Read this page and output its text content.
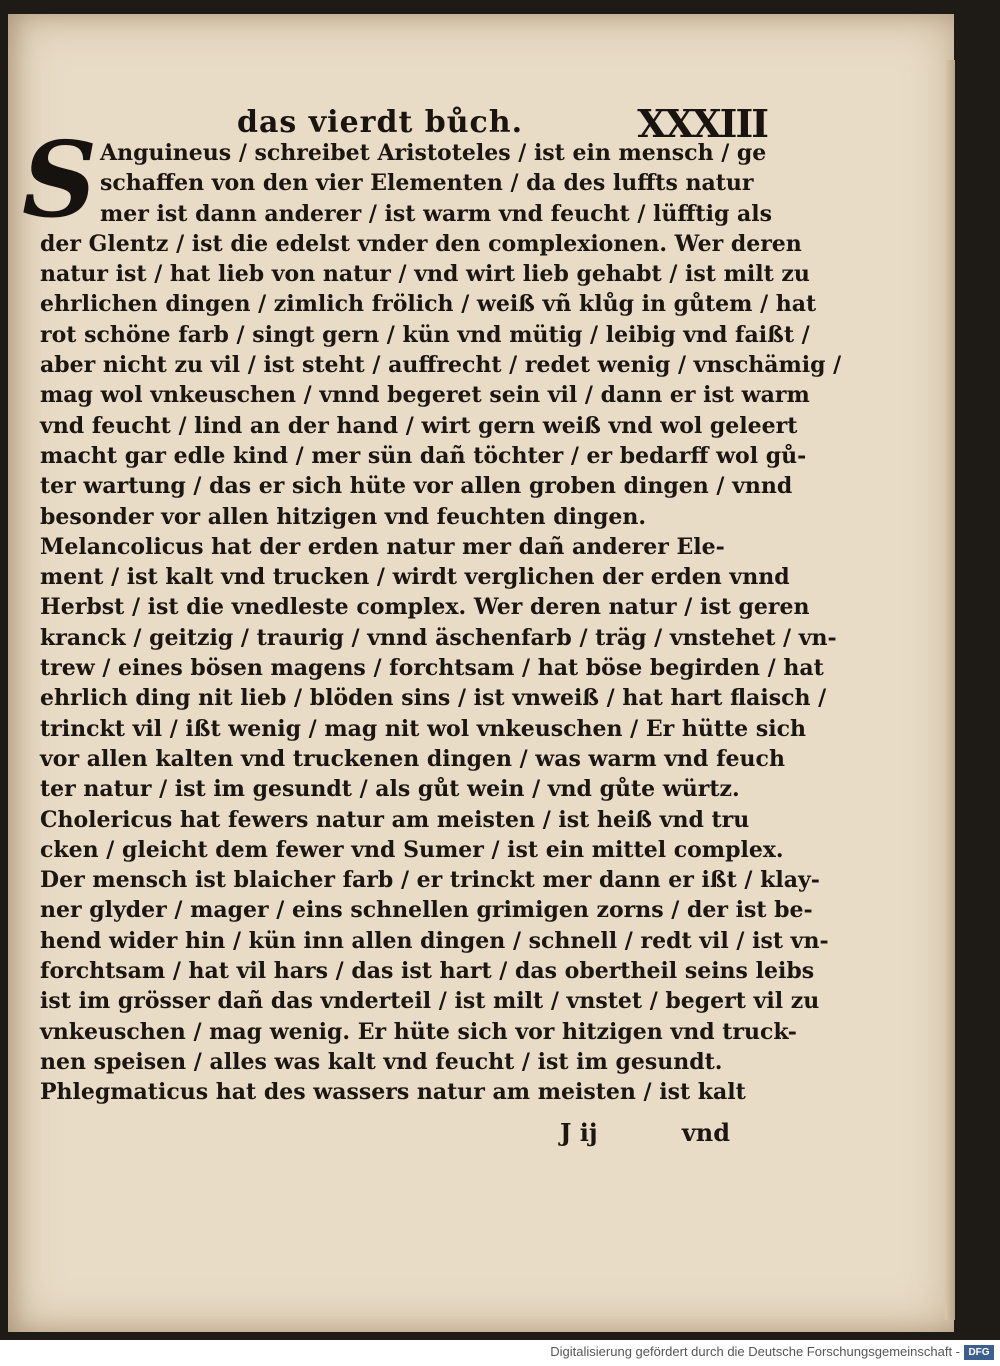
das vierdt bůch.	XXXIII
S Anguineus / schreibet Aristoteles / ist ein mensch / ge
schaffen von den vier Elementen / da des luffts natur
mer ist dann anderer / ist warm vnd feucht / lüfftig als
der Glentz / ist die edelst vnder den complexionen. Wer deren
natur ist / hat lieb von natur / vnd wirt lieb gehabt / ist milt zu
ehrlichen dingen / zimlich frölich / weiß vñ klůg in gůtem / hat
rot schöne farb / singt gern / kün vnd mütig / leibig vnd faißt /
aber nicht zu vil / ist steht / auffrecht / redet wenig / vnschämig /
mag wol vnkeuschen / vnnd begeret sein vil / dann er ist warm
vnd feucht / lind an der hand / wirt gern weiß vnd wol geleert
macht gar edle kind / mer sün dañ töchter / er bedarff wol gů-
ter wartung / das er sich hüte vor allen groben dingen / vnnd
besonder vor allen hitzigen vnd feuchten dingen.
Melancolicus hat der erden natur mer dañ anderer Ele-
ment / ist kalt vnd trucken / wirdt verglichen der erden vnnd
Herbst / ist die vnedleste complex. Wer deren natur / ist geren
kranck / geitzig / traurig / vnnd äschenfarb / träg / vnstehet / vn-
trew / eines bösen magens / forchtsam / hat böse begirden / hat
ehrlich ding nit lieb / blöden sins / ist vnweiß / hat hart flaisch /
trinckt vil / ißt wenig / mag nit wol vnkeuschen / Er hütte sich
vor allen kalten vnd truckenen dingen / was warm vnd feuch
ter natur / ist im gesundt / als gůt wein / vnd gůte würtz.
Cholericus hat fewers natur am meisten / ist heiß vnd tru
cken / gleicht dem fewer vnd Sumer / ist ein mittel complex.
Der mensch ist blaicher farb / er trinckt mer dann er ißt / klay-
ner glyder / mager / eins schnellen grimigen zorns / der ist be-
hend wider hin / kün inn allen dingen / schnell / redt vil / ist vn-
forchtsam / hat vil hars / das ist hart / das obertheil seins leibs
ist im grösser dañ das vnderteil / ist milt / vnstet / begert vil zu
vnkeuschen / mag wenig. Er hüte sich vor hitzigen vnd truck-
nen speisen / alles was kalt vnd feucht / ist im gesundt.
Phlegmaticus hat des wassers natur am meisten / ist kalt
J ij	vnd
Digitalisierung gefördert durch die Deutsche Forschungsgemeinschaft - DFG
